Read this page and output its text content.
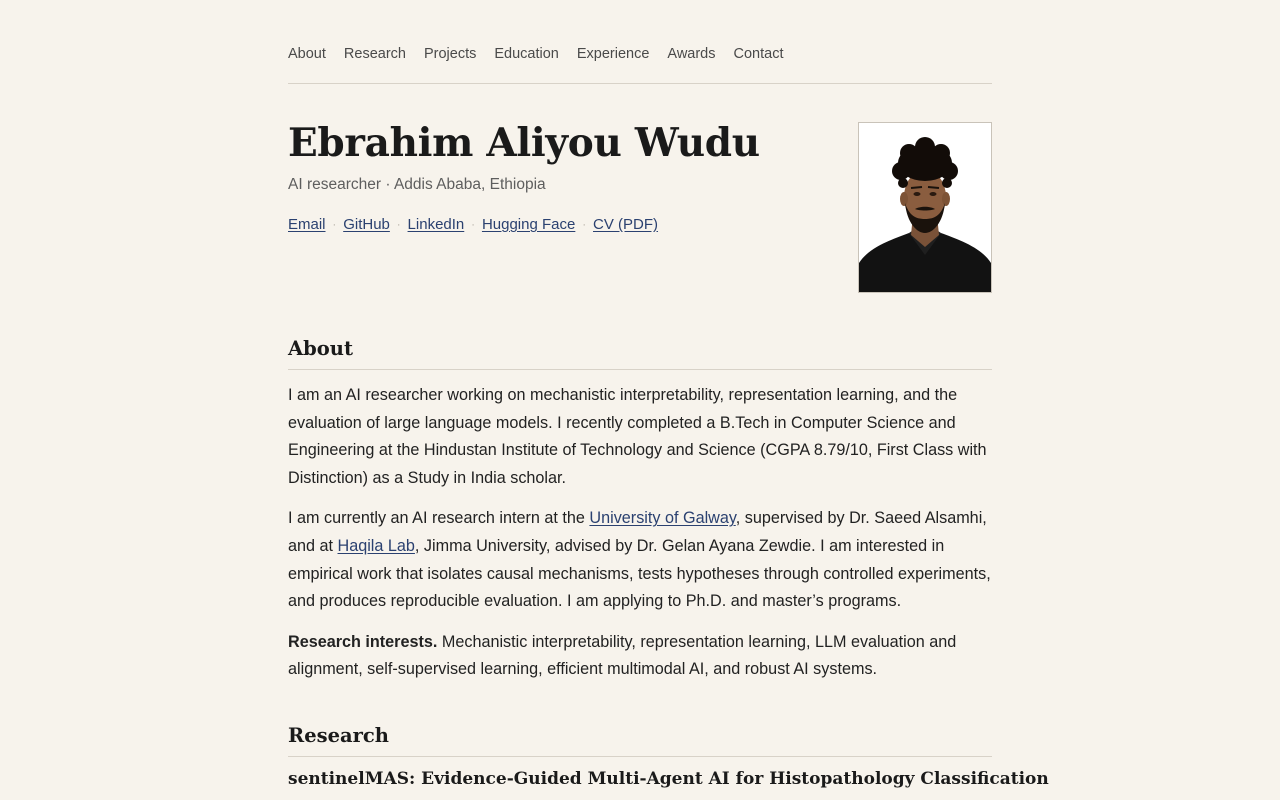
About Research Projects Education Experience Awards Contact
Ebrahim Aliyou Wudu
AI researcher · Addis Ababa, Ethiopia
Email · GitHub · LinkedIn · Hugging Face · CV (PDF)
About

I am an AI researcher working on mechanistic interpretability, representation learning, and the evaluation of large language models. I recently completed a B.Tech in Computer Science and Engineering at the Hindustan Institute of Technology and Science (CGPA 8.79/10, First Class with Distinction) as a Study in India scholar.

I am currently an AI research intern at the University of Galway, supervised by Dr. Saeed Alsamhi, and at Haqila Lab, Jimma University, advised by Dr. Gelan Ayana Zewdie. I am interested in empirical work that isolates causal mechanisms, tests hypotheses through controlled experiments, and produces reproducible evaluation. I am applying to Ph.D. and master’s programs.

Research interests. Mechanistic interpretability, representation learning, LLM evaluation and alignment, self-supervised learning, efficient multimodal AI, and robust AI systems.

Research
sentinelMAS: Evidence-Guided Multi-Agent AI for Histopathology Classification
